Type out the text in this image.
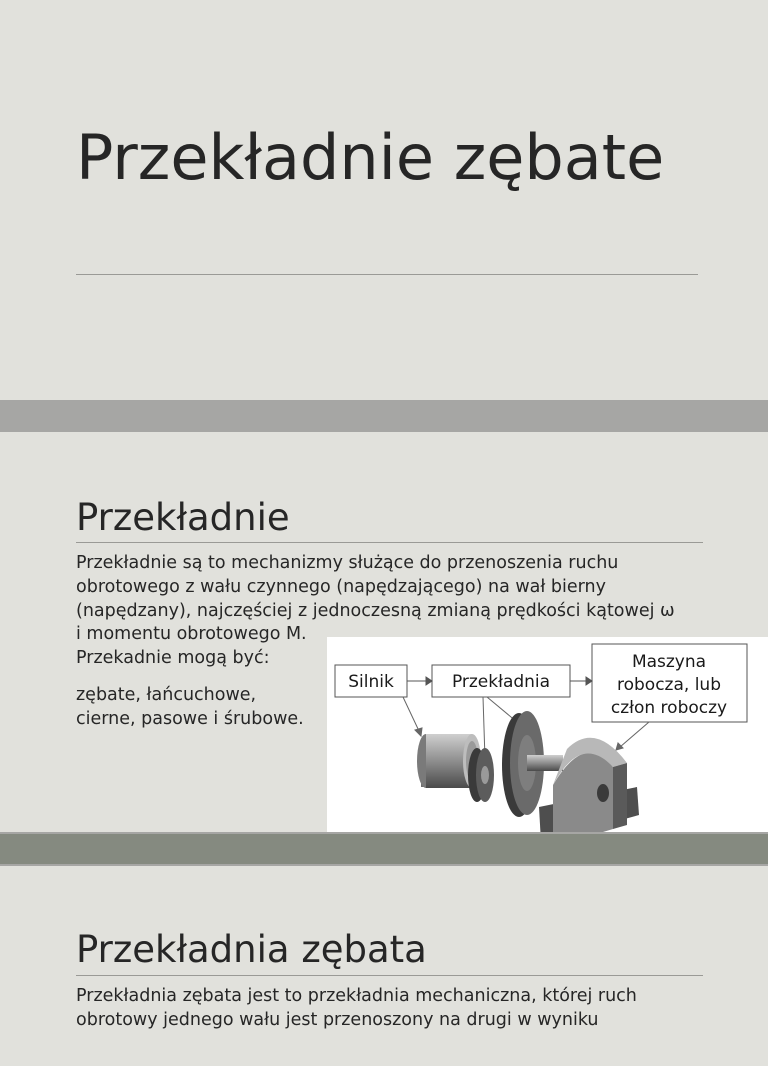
Przekładnie zębate
Przekładnie

Przekładnie są to mechanizmy służące do przenoszenia ruchu
obrotowego z wału czynnego (napędzającego) na wał bierny
(napędzany), najczęściej z jednoczesną zmianą prędkości kątowej ω
i momentu obrotowego M.
Przekadnie mogą być:

zębate, łańcuchowe,
cierne, pasowe i śrubowe.

Silnik	Przekładnia
Maszyna
robocza, lub
człon roboczy
Przekładnia zębata

Przekładnia zębata jest to przekładnia mechaniczna, której ruch
obrotowy jednego wału jest przenoszony na drugi w wyniku
